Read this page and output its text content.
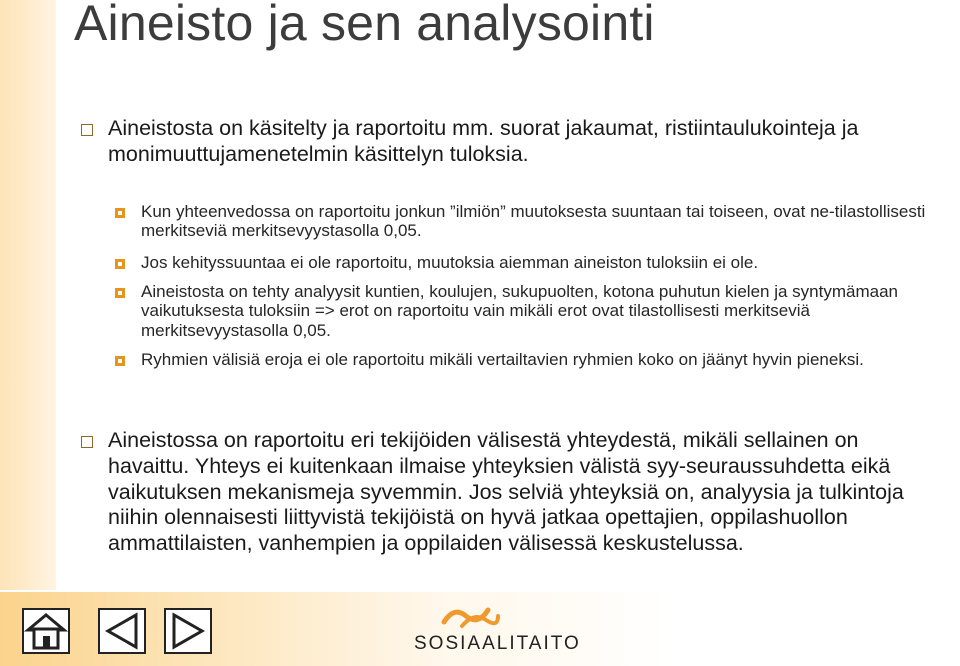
Aineisto ja sen analysointi

Aineistosta on käsitelty ja raportoitu mm. suorat jakaumat, ristiintaulukointeja ja monimuuttujamenetelmin käsittelyn tuloksia.

Kun yhteenvedossa on raportoitu jonkun ”ilmiön” muutoksesta suuntaan tai toiseen, ovat ne-tilastollisesti merkitseviä merkitsevyystasolla 0,05.

Jos kehityssuuntaa ei ole raportoitu, muutoksia aiemman aineiston tuloksiin ei ole.

Aineistosta on tehty analyysit kuntien, koulujen, sukupuolten, kotona puhutun kielen ja syntymämaan vaikutuksesta tuloksiin => erot on raportoitu vain mikäli erot ovat tilastollisesti merkitseviä merkitsevyystasolla 0,05.

Ryhmien välisiä eroja ei ole raportoitu mikäli vertailtavien ryhmien koko on jäänyt hyvin pieneksi.

Aineistossa on raportoitu eri tekijöiden välisestä yhteydestä, mikäli sellainen on havaittu. Yhteys ei kuitenkaan ilmaise yhteyksien välistä syy-seuraussuhdetta eikä vaikutuksen mekanismeja syvemmin. Jos selviä yhteyksiä on, analyysia ja tulkintoja niihin olennaisesti liittyvistä tekijöistä on hyvä jatkaa opettajien, oppilashuollon ammattilaisten, vanhempien ja oppilaiden välisessä keskustelussa.

SOSIAALITAITO
